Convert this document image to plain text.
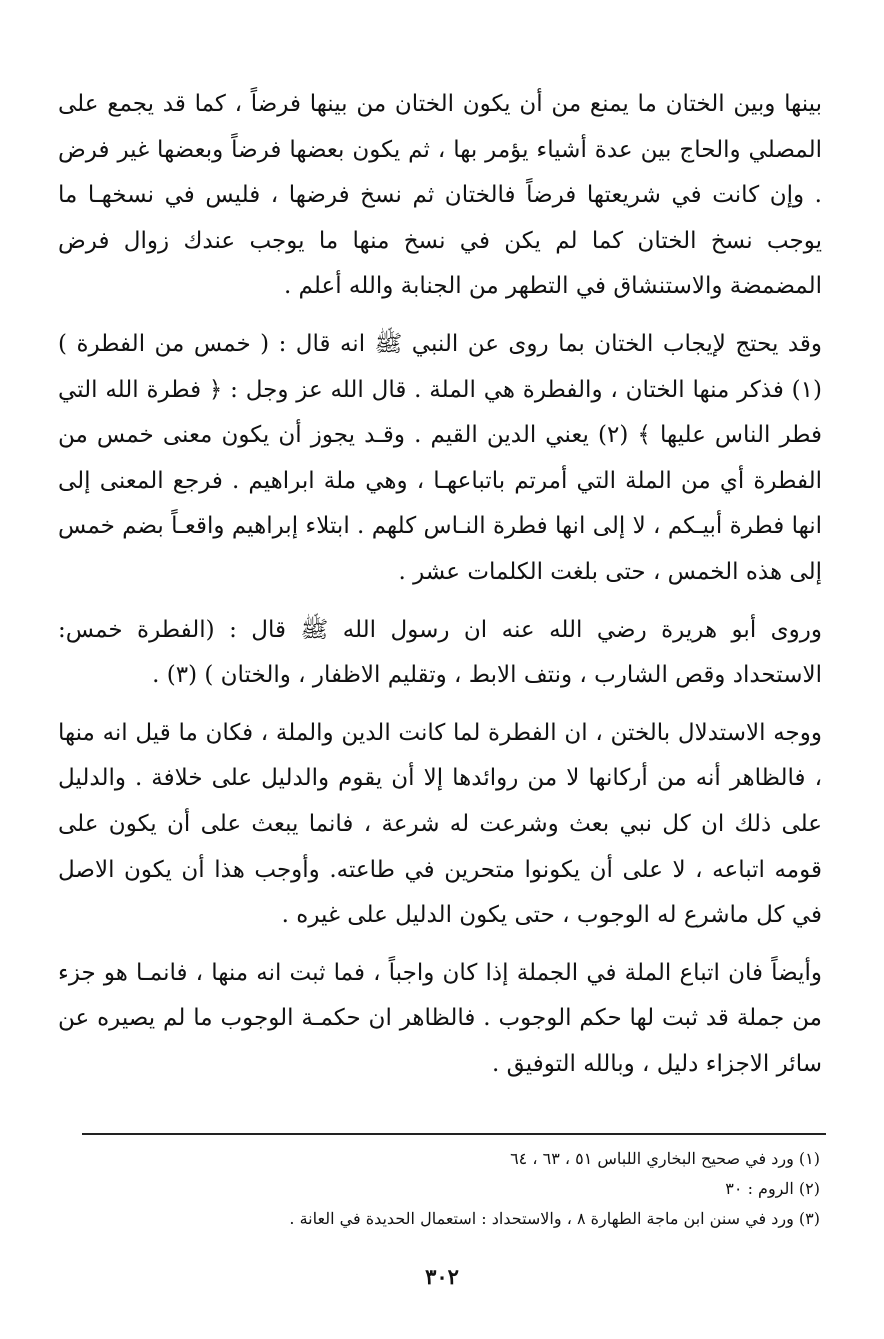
بينها وبين الختان ما يمنع من أن يكون الختان من بينها فرضاً ، كما قد يجمع على المصلي والحاج بين عدة أشياء يؤمر بها ، ثم يكون بعضها فرضاً وبعضها غير فرض . وإن كانت في شريعتها فرضاً فالختان ثم نسخ فرضها ، فليس في نسخهـا ما يوجب نسخ الختان كما لم يكن في نسخ منها ما يوجب عندك زوال فرض المضمضة والاستنشاق في التطهر من الجنابة والله أعلم .

وقد يحتج لإيجاب الختان بما روى عن النبي ﷺ انه قال : ( خمس من الفطرة ) (١) فذكر منها الختان ، والفطرة هي الملة . قال الله عز وجل : ﴿ فطرة الله التي فطر الناس عليها ﴾ (٢) يعني الدين القيم . وقـد يجوز أن يكون معنى خمس من الفطرة أي من الملة التي أمرتم باتباعهـا ، وهي ملة ابراهيم . فرجع المعنى إلى انها فطرة أبيـكم ، لا إلى انها فطرة النـاس كلهم . ابتلاء إبراهيم واقعـاً بضم خمس إلى هذه الخمس ، حتى بلغت الكلمات عشر .

وروى أبو هريرة رضي الله عنه ان رسول الله ﷺ قال : (الفطرة خمس: الاستحداد وقص الشارب ، ونتف الابط ، وتقليم الاظفار ، والختان ) (٣) .

ووجه الاستدلال بالختن ، ان الفطرة لما كانت الدين والملة ، فكان ما قيل انه منها ، فالظاهر أنه من أركانها لا من روائدها إلا أن يقوم والدليل على خلافة . والدليل على ذلك ان كل نبي بعث وشرعت له شرعة ، فانما يبعث على أن يكون على قومه اتباعه ، لا على أن يكونوا متحرين في طاعته. وأوجب هذا أن يكون الاصل في كل ماشرع له الوجوب ، حتى يكون الدليل على غيره .

وأيضاً فان اتباع الملة في الجملة إذا كان واجباً ، فما ثبت انه منها ، فانمـا هو جزء من جملة قد ثبت لها حكم الوجوب . فالظاهر ان حكمـة الوجوب ما لم يصيره عن سائر الاجزاء دليل ، وبالله التوفيق .

(١) ورد في صحيح البخاري اللباس ٥١ ، ٦٣ ، ٦٤

(٢) الروم : ٣٠

(٣) ورد في سنن ابن ماجة الطهارة ٨ ، والاستحداد : استعمال الحديدة في العانة .

٣٠٢
